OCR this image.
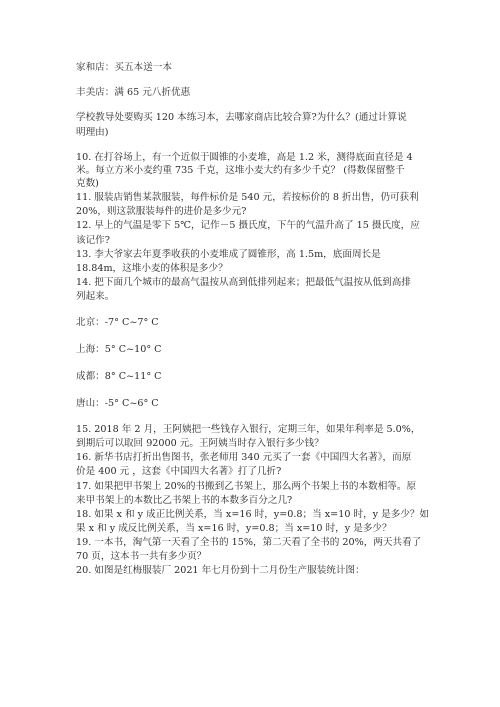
家和店：买五本送一本
丰美店：满 65 元八折优惠
学校教导处要购买 120 本练习本，去哪家商店比较合算?为什么？(通过计算说
明理由)
10. 在打谷场上，有一个近似于圆锥的小麦堆，高是 1.2 米，测得底面直径是 4
米。每立方米小麦约重 735 千克，这堆小麦大约有多少千克？ (得数保留整千
克数)
11. 服装店销售某款服装，每件标价是 540 元，若按标价的 8 折出售，仍可获利
20%，则这款服装每件的进价是多少元?
12. 早上的气温是零下 5℃，记作－5 摄氏度，下午的气温升高了 15 摄氏度，应
该记作?
13. 李大爷家去年夏季收获的小麦堆成了圆锥形，高 1.5m，底面周长是
18.84m，这堆小麦的体积是多少？
14. 把下面几个城市的最高气温按从高到低排列起来；把最低气温按从低到高排
列起来。
北京：-7° C~7° C
上海：5° C~10° C
成都：8° C~11° C
唐山：-5° C~6° C
15. 2018 年 2 月，王阿姨把一些钱存入银行，定期三年，如果年利率是 5.0%，
到期后可以取回 92000 元。王阿姨当时存入银行多少钱？
16. 新华书店打折出售图书，张老师用 340 元买了一套《中国四大名著》，而原
价是 400 元 ，这套《中国四大名著》打了几折?
17. 如果把甲书架上 20%的书搬到乙书架上，那么两个书架上书的本数相等。原
来甲书架上的本数比乙书架上书的本数多百分之几?
18. 如果 x 和 y 成正比例关系，当 x=16 时，y=0.8；当 x=10 时，y 是多少？如
果 x 和 y 成反比例关系，当 x=16 时，y=0.8；当 x=10 时，y 是多少？
19. 一本书，淘气第一天看了全书的 15%，第二天看了全书的 20%，两天共看了
70 页，这本书一共有多少页？
20. 如图是红梅服装厂 2021 年七月份到十二月份生产服装统计图：
